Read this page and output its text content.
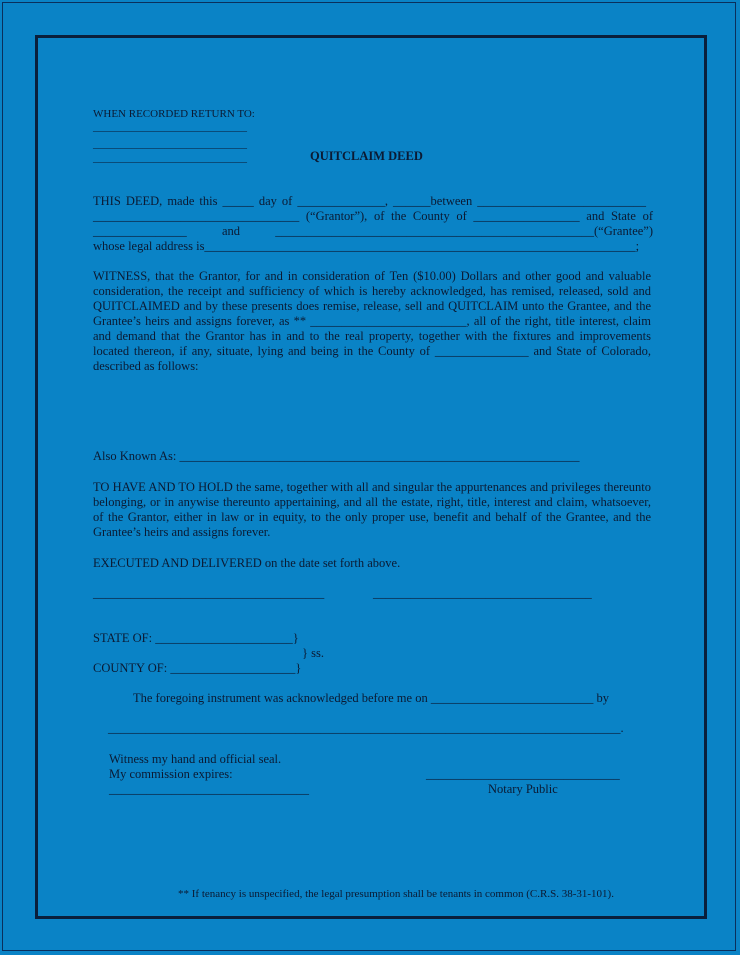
WHEN RECORDED RETURN TO:
____________________________
____________________________
____________________________	QUITCLAIM DEED
THIS DEED, made this _____ day of ______________, ______between ___________________________
_________________________________ (“Grantor”), of the County of _________________ and State of
_______________ and ___________________________________________________(“Grantee”)
whose legal address is_____________________________________________________________________;
WITNESS, that the Grantor, for and in consideration of Ten ($10.00) Dollars and other good and valuable consideration, the receipt and sufficiency of which is hereby acknowledged, has remised, released, sold and QUITCLAIMED and by these presents does remise, release, sell and QUITCLAIM unto the Grantee, and the Grantee’s heirs and assigns forever, as ** _________________________, all of the right, title interest, claim and demand that the Grantor has in and to the real property, together with the fixtures and improvements located thereon, if any, situate, lying and being in the County of _______________ and State of Colorado, described as follows:
Also Known As: ________________________________________________________________
TO HAVE AND TO HOLD the same, together with all and singular the appurtenances and privileges thereunto belonging, or in anywise thereunto appertaining, and all the estate, right, title, interest and claim, whatsoever, of the Grantor, either in law or in equity, to the only proper use, benefit and behalf of the Grantee, and the Grantee’s heirs and assigns forever.
EXECUTED AND DELIVERED on the date set forth above.
_____________________________________	___________________________________
STATE OF: ______________________}
} ss.
COUNTY OF: ____________________}
The foregoing instrument was acknowledged before me on __________________________ by
__________________________________________________________________________________.
Witness my hand and official seal.
My commission expires:
________________________________
_______________________________
Notary Public
** If tenancy is unspecified, the legal presumption shall be tenants in common (C.R.S. 38-31-101).
